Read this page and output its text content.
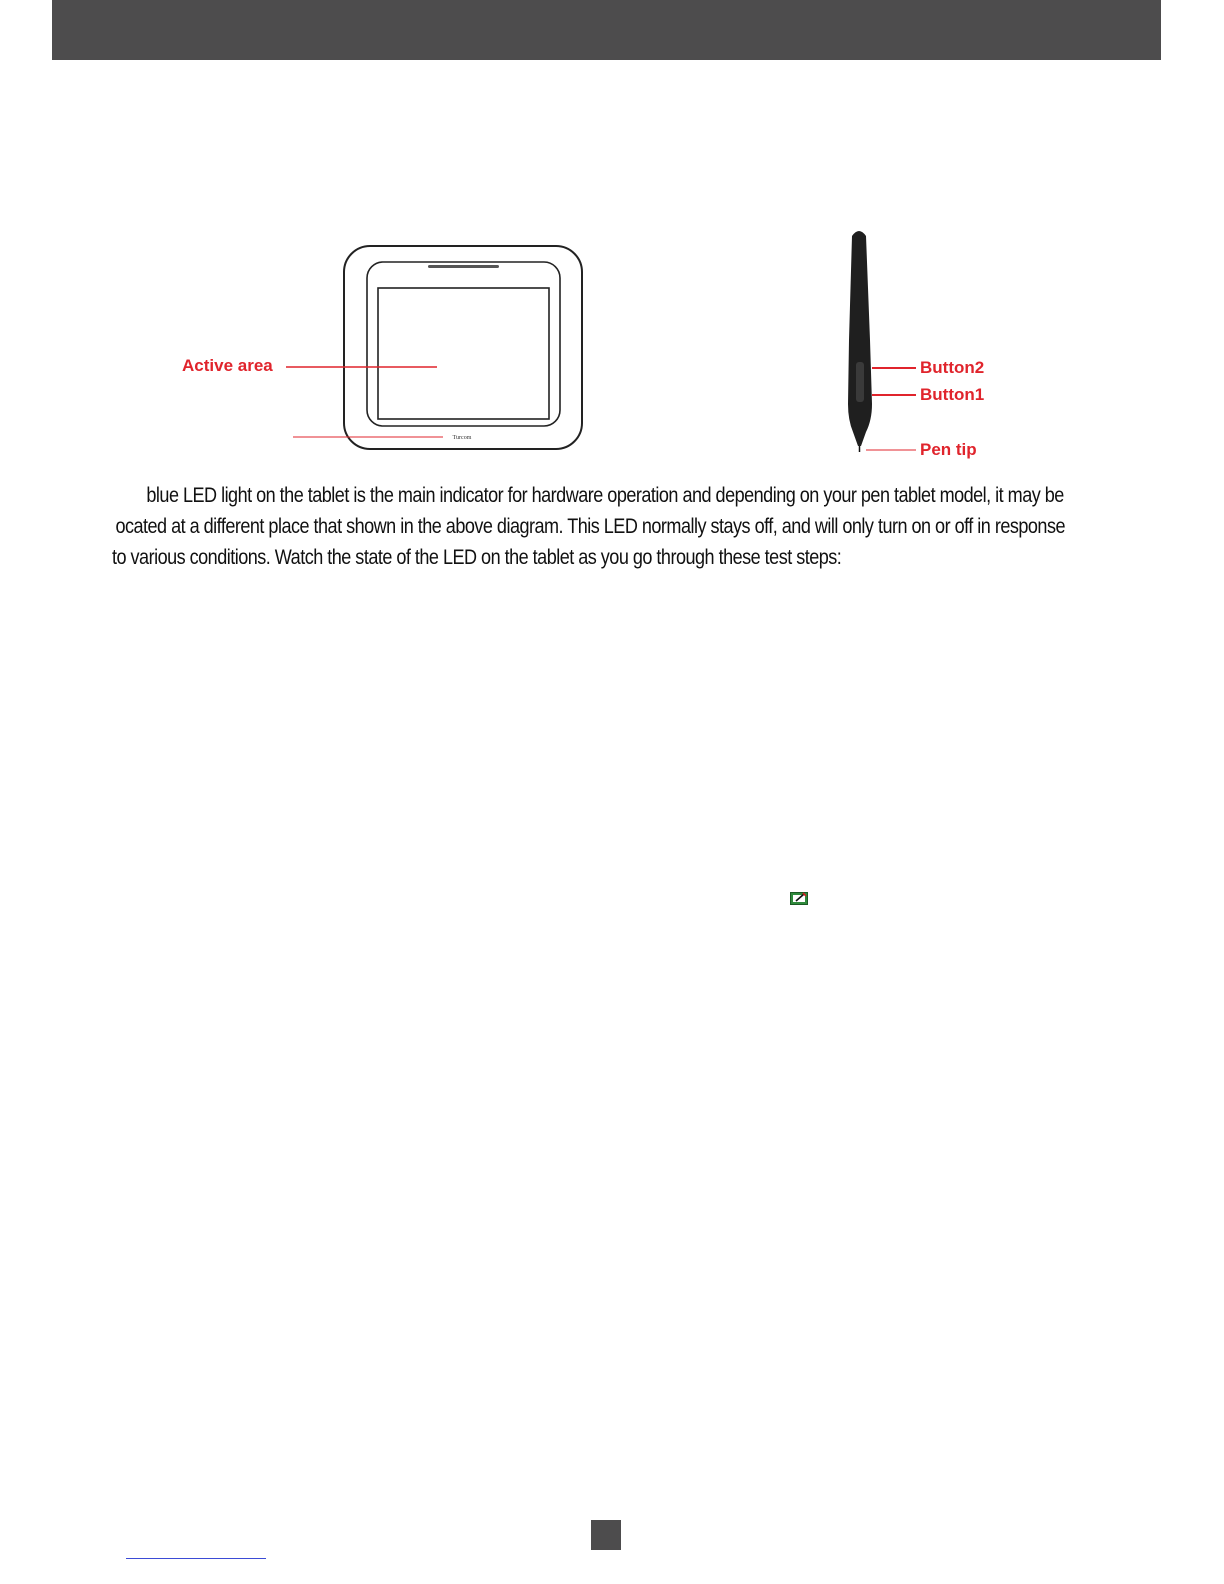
Turcom
Active area	Button2
Button1
Pen tip
blue LED light on the tablet is the main indicator for hardware operation and depending on your pen tablet model, it may be
ocated at a different place that shown in the above diagram. This LED normally stays off, and will only turn on or off in response
to various conditions. Watch the state of the LED on the tablet as you go through these test steps:
